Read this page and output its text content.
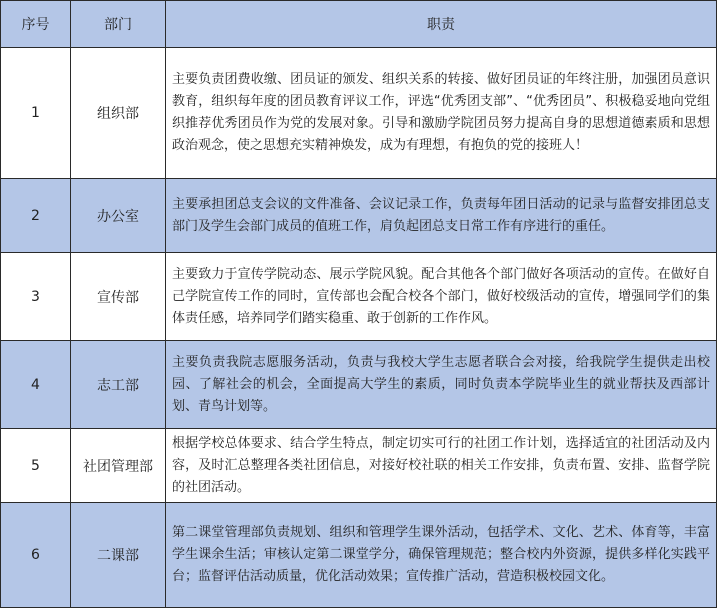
序号	部门	职责
1	组织部	主要负责团费收缴、团员证的颁发、组织关系的转接、做好团员证的年终注册，加强团员意识教育，组织每年度的团员教育评议工作，评选“优秀团支部”、“优秀团员”、积极稳妥地向党组织推荐优秀团员作为党的发展对象。引导和激励学院团员努力提高自身的思想道德素质和思想政治观念，使之思想充实精神焕发，成为有理想，有抱负的党的接班人！
2	办公室	主要承担团总支会议的文件准备、会议记录工作，负责每年团日活动的记录与监督安排团总支部门及学生会部门成员的值班工作，肩负起团总支日常工作有序进行的重任。
3	宣传部	主要致力于宣传学院动态、展示学院风貌。配合其他各个部门做好各项活动的宣传。在做好自己学院宣传工作的同时，宣传部也会配合校各个部门，做好校级活动的宣传，增强同学们的集体责任感，培养同学们踏实稳重、敢于创新的工作作风。
4	志工部	主要负责我院志愿服务活动，负责与我校大学生志愿者联合会对接，给我院学生提供走出校园、了解社会的机会，全面提高大学生的素质，同时负责本学院毕业生的就业帮扶及西部计划、青鸟计划等。
5	社团管理部	根据学校总体要求、结合学生特点，制定切实可行的社团工作计划，选择适宜的社团活动及内容，及时汇总整理各类社团信息，对接好校社联的相关工作安排，负责布置、安排、监督学院的社团活动。
6	二课部	第二课堂管理部负责规划、组织和管理学生课外活动，包括学术、文化、艺术、体育等，丰富学生课余生活；审核认定第二课堂学分，确保管理规范；整合校内外资源，提供多样化实践平台；监督评估活动质量，优化活动效果；宣传推广活动，营造积极校园文化。
